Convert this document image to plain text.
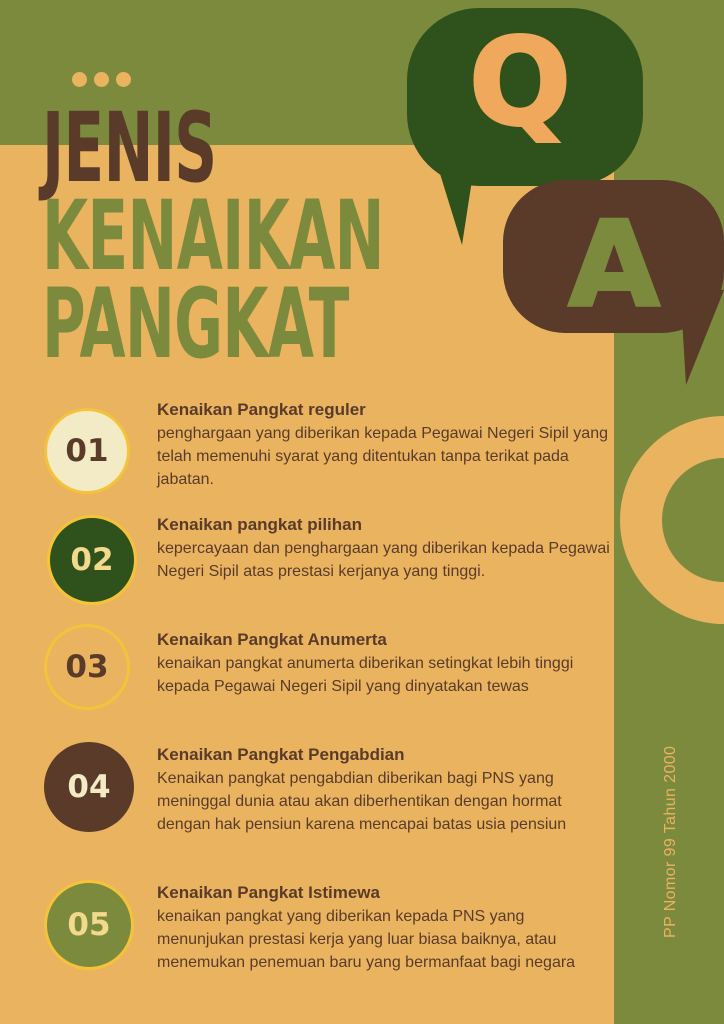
JENIS
KENAIKAN
PANGKAT
Q
A
PP Nomor 99 Tahun 2000
01

Kenaikan Pangkat reguler

penghargaan yang diberikan kepada Pegawai Negeri Sipil yang telah memenuhi syarat yang ditentukan tanpa terikat pada jabatan.

02

Kenaikan pangkat pilihan

kepercayaan dan penghargaan yang diberikan kepada Pegawai Negeri Sipil atas prestasi kerjanya yang tinggi.

03

Kenaikan Pangkat Anumerta

kenaikan pangkat anumerta diberikan setingkat lebih tinggi kepada Pegawai Negeri Sipil yang dinyatakan tewas

04

Kenaikan Pangkat Pengabdian

Kenaikan pangkat pengabdian diberikan bagi PNS yang meninggal dunia atau akan diberhentikan dengan hormat dengan hak pensiun karena mencapai batas usia pensiun

05

Kenaikan Pangkat Istimewa

kenaikan pangkat yang diberikan kepada PNS yang menunjukan prestasi kerja yang luar biasa baiknya, atau menemukan penemuan baru yang bermanfaat bagi negara
